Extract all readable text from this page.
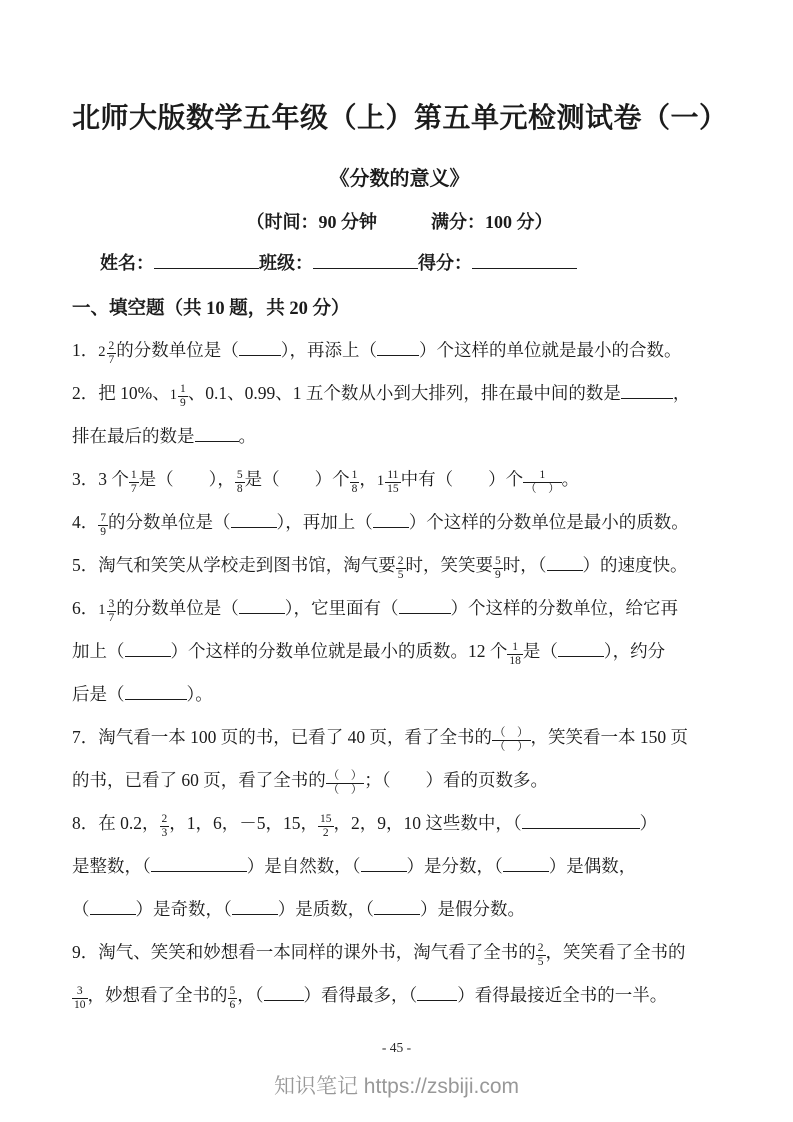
北师大版数学五年级（上）第五单元检测试卷（一）
《分数的意义》
（时间：90 分钟　　　满分：100 分）
姓名：	班级：	得分：
一、填空题（共 10 题，共 20 分）
1．$2 \frac{2}{7}$ 的分数单位是（ ），再添上（ ）个这样的单位就是最小的合数。
2．把 10%、$1 \frac{1}{9}$ 、0.1、0.99、1 五个数从小到大排列，排在最中间的数是	，
排在最后的数是	。
3．3 个 $\frac{1}{7}$ 是（　　）， $\frac{5}{8}$ 是（　　）个 $\frac{1}{8}$ ，$1 \frac{11}{15}$ 中有（　　）个 $\frac{1}{( )}$ 。
4． $\frac{7}{9}$ 的分数单位是（	），再加上（ ）个这样的分数单位是最小的质数。
5．淘气和笑笑从学校走到图书馆，淘气要 $\frac{2}{5}$ 时，笑笑要 $\frac{5}{9}$ 时，（ ）的速度快。
6．$1 \frac{3}{7}$ 的分数单位是（	），它里面有（	）个这样的分数单位，给它再
加上（	）个这样的分数单位就是最小的质数。12 个 $\frac{1}{18}$ 是（	），约分
后是（	）。
7．淘气看一本 100 页的书，已看了 40 页，看了全书的 $\frac{( )}{( )}$ ，笑笑看一本 150 页
的书，已看了 60 页，看了全书的 $\frac{( )}{( )}$ ；（　　）看的页数多。
8．在 0.2， $\frac{2}{3}$ ，1，6，－5，15， $\frac{15}{2}$ ，2，9，10 这些数中，（	）
是整数，（	）是自然数，（	）是分数，（	）是偶数，
（	）是奇数，（	）是质数，（	）是假分数。
9．淘气、笑笑和妙想看一本同样的课外书，淘气看了全书的 $\frac{2}{5}$ ，笑笑看了全书的
$\frac{3}{10}$ ，妙想看了全书的 $\frac{5}{6}$ ，（ ）看得最多，（ ）看得最接近全书的一半。
- 45 -
知识笔记 https://zsbiji.com
